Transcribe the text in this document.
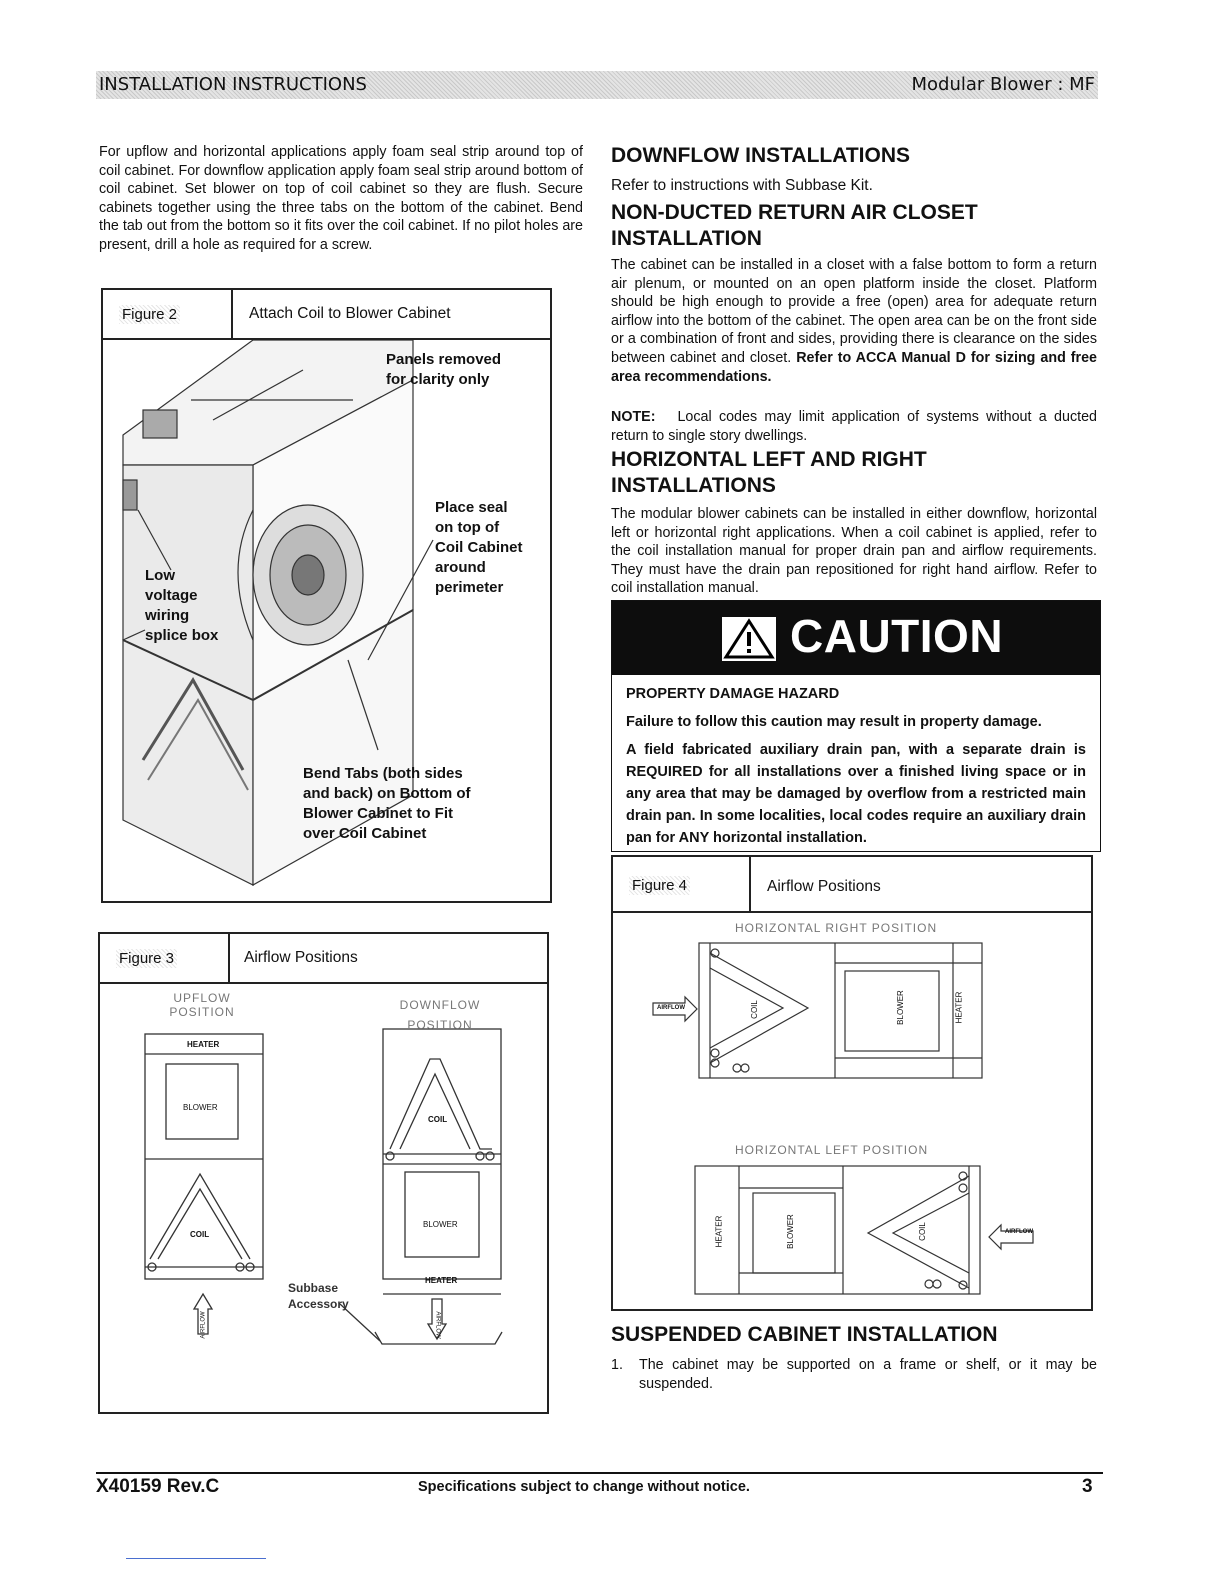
INSTALLATION INSTRUCTIONS	Modular Blower : MF

For upflow and horizontal applications apply foam seal strip around top of coil cabinet. For downflow application apply foam seal strip around bottom of coil cabinet. Set blower on top of coil cabinet so they are flush. Secure cabinets together using the three tabs on the bottom of the cabinet. Bend the tab out from the bottom so it fits over the coil cabinet. If no pilot holes are present, drill a hole as required for a screw.

Figure 2	Attach Coil to Blower Cabinet
Panels removed
for clarity only
Place seal
on top of
Coil Cabinet
around
perimeter
Low
voltage
wiring
splice box
Bend Tabs (both sides
and back) on Bottom of
Blower Cabinet to Fit
over Coil Cabinet
Figure 3	Airflow Positions
UPFLOW
POSITION	DOWNFLOW
POSITION
HEATER
BLOWER
COIL
COIL
BLOWER
HEATER
AIRFLOW	AIRFLOW
Subbase
Accessory
DOWNFLOW INSTALLATIONS

Refer to instructions with Subbase Kit.

NON-DUCTED RETURN AIR CLOSET
INSTALLATION

The cabinet can be installed in a closet with a false bottom to form a return air plenum, or mounted on an open platform inside the closet. Platform should be high enough to provide a free (open) area for adequate return airflow into the bottom of the cabinet. The open area can be on the front side or a combination of front and sides, providing there is clearance on the sides between cabinet and closet. Refer to ACCA Manual D for sizing and free area recommendations.

NOTE: Local codes may limit application of systems without a ducted return to single story dwellings.

HORIZONTAL LEFT AND RIGHT
INSTALLATIONS

The modular blower cabinets can be installed in either downflow, horizontal left or horizontal right applications. When a coil cabinet is applied, refer to the coil installation manual for proper drain pan and airflow requirements. They must have the drain pan repositioned for right hand airflow. Refer to coil installation manual.

CAUTION
PROPERTY DAMAGE HAZARD
Failure to follow this caution may result in property damage.
A field fabricated auxiliary drain pan, with a separate drain is REQUIRED for all installations over a finished living space or in any area that may be damaged by overflow from a restricted main drain pan. In some localities, local codes require an auxiliary drain pan for ANY horizontal installation.
Figure 4	Airflow Positions
HORIZONTAL RIGHT POSITION
HORIZONTAL LEFT POSITION
AIRFLOW	COIL	BLOWER	HEATER
HEATER	BLOWER	COIL	AIRFLOW
SUSPENDED CABINET INSTALLATION
1. The cabinet may be supported on a frame or shelf, or it may be suspended.
X40159 Rev.C	Specifications subject to change without notice.	3
